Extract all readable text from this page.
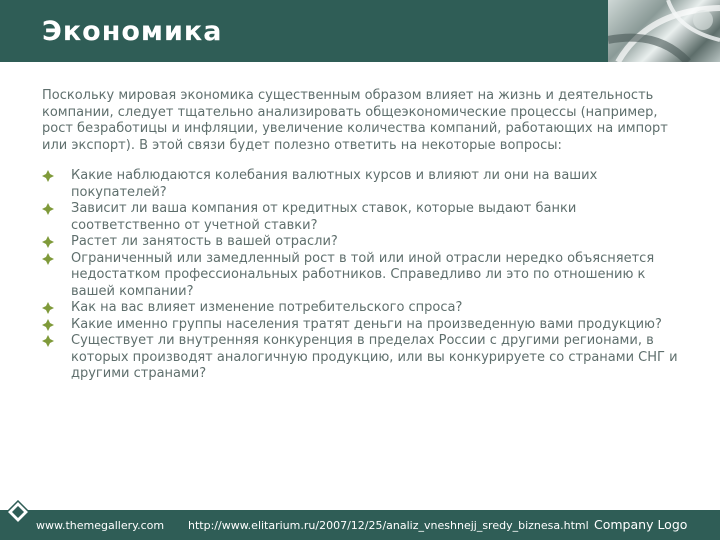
Экономика

Поскольку мировая экономика существенным образом влияет на жизнь и деятельность компании, следует тщательно анализировать общеэкономические процессы (например, рост безработицы и инфляции, увеличение количества компаний, работающих на импорт или экспорт). В этой связи будет полезно ответить на некоторые вопросы:

Какие наблюдаются колебания валютных курсов и влияют ли они на ваших покупателей?
Зависит ли ваша компания от кредитных ставок, которые выдают банки соответственно от учетной ставки?
Растет ли занятость в вашей отрасли?
Ограниченный или замедленный рост в той или иной отрасли нередко объясняется недостатком профессиональных работников. Справедливо ли это по отношению к вашей компании?
Как на вас влияет изменение потребительского спроса?
Какие именно группы населения тратят деньги на произведенную вами продукцию?
Существует ли внутренняя конкуренция в пределах России с другими регионами, в которых производят аналогичную продукцию, или вы конкурируете со странами СНГ и другими странами?
www.themegallery.com http://www.elitarium.ru/2007/12/25/analiz_vneshnejj_sredy_biznesa.html Company Logo
